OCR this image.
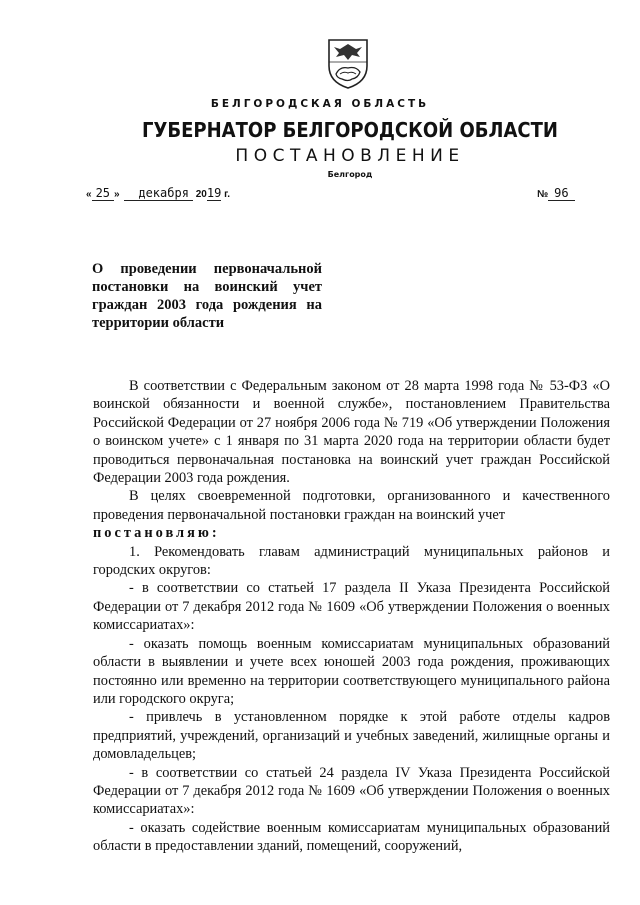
БЕЛГОРОДСКАЯ ОБЛАСТЬ
ГУБЕРНАТОР БЕЛГОРОДСКОЙ ОБЛАСТИ
ПОСТАНОВЛЕНИЕ
Белгород
« 25 » декабря 2019 г.	№ 96
О проведении первоначальной постановки на воинский учет граждан 2003 года рождения на территории области

В соответствии с Федеральным законом от 28 марта 1998 года № 53-ФЗ «О воинской обязанности и военной службе», постановлением Правительства Российской Федерации от 27 ноября 2006 года № 719 «Об утверждении Положения о воинском учете» с 1 января по 31 марта 2020 года на территории области будет проводиться первоначальная постановка на воинский учет граждан Российской Федерации 2003 года рождения.

В целях своевременной подготовки, организованного и качественного проведения первоначальной постановки граждан на воинский учет

постановляю:

1. Рекомендовать главам администраций муниципальных районов и городских округов:

- в соответствии со статьей 17 раздела II Указа Президента Российской Федерации от 7 декабря 2012 года № 1609 «Об утверждении Положения о военных комиссариатах»:

- оказать помощь военным комиссариатам муниципальных образований области в выявлении и учете всех юношей 2003 года рождения, проживающих постоянно или временно на территории соответствующего муниципального района или городского округа;

- привлечь в установленном порядке к этой работе отделы кадров предприятий, учреждений, организаций и учебных заведений, жилищные органы и домовладельцев;

- в соответствии со статьей 24 раздела IV Указа Президента Российской Федерации от 7 декабря 2012 года № 1609 «Об утверждении Положения о военных комиссариатах»:

- оказать содействие военным комиссариатам муниципальных образований области в предоставлении зданий, помещений, сооружений,
